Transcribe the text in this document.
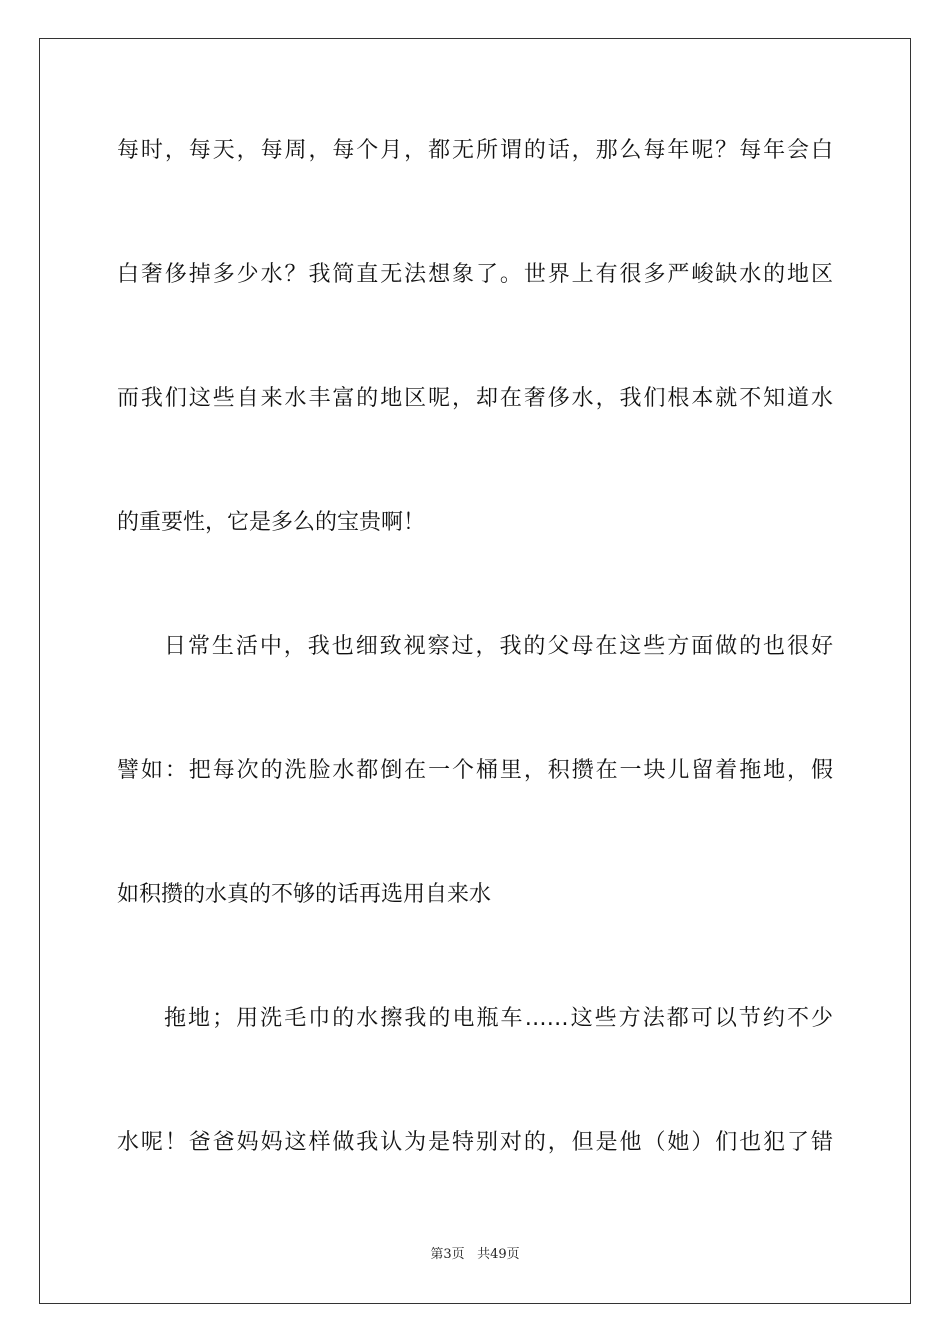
每时，每天，每周，每个月，都无所谓的话，那么每年呢？每年会白
白奢侈掉多少水？我简直无法想象了。世界上有很多严峻缺水的地区
而我们这些自来水丰富的地区呢，却在奢侈水，我们根本就不知道水
的重要性，它是多么的宝贵啊！
日常生活中，我也细致视察过，我的父母在这些方面做的也很好
譬如：把每次的洗脸水都倒在一个桶里，积攒在一块儿留着拖地，假
如积攒的水真的不够的话再选用自来水
拖地；用洗毛巾的水擦我的电瓶车……这些方法都可以节约不少
水呢！爸爸妈妈这样做我认为是特别对的，但是他（她）们也犯了错
第3页 共49页
